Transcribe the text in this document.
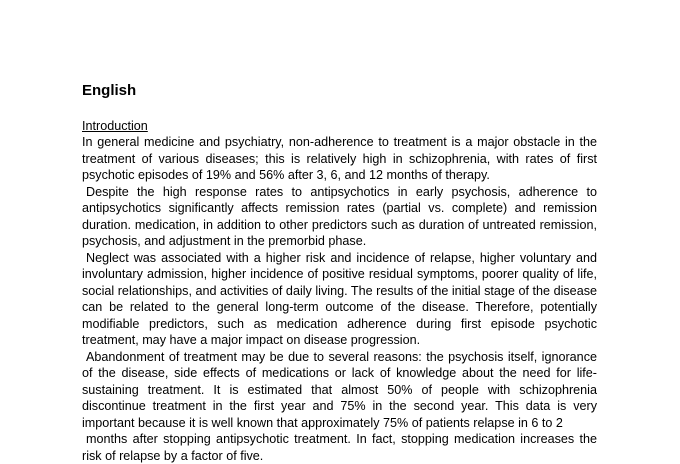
English
Introduction

In general medicine and psychiatry, non-adherence to treatment is a major obstacle in the treatment of various diseases; this is relatively high in schizophrenia, with rates of first psychotic episodes of 19% and 56% after 3, 6, and 12 months of therapy.

Despite the high response rates to antipsychotics in early psychosis, adherence to antipsychotics significantly affects remission rates (partial vs. complete) and remission duration. medication, in addition to other predictors such as duration of untreated remission, psychosis, and adjustment in the premorbid phase.

Neglect was associated with a higher risk and incidence of relapse, higher voluntary and involuntary admission, higher incidence of positive residual symptoms, poorer quality of life, social relationships, and activities of daily living. The results of the initial stage of the disease can be related to the general long-term outcome of the disease. Therefore, potentially modifiable predictors, such as medication adherence during first episode psychotic treatment, may have a major impact on disease progression.

Abandonment of treatment may be due to several reasons: the psychosis itself, ignorance of the disease, side effects of medications or lack of knowledge about the need for life-sustaining treatment. It is estimated that almost 50% of people with schizophrenia discontinue treatment in the first year and 75% in the second year. This data is very important because it is well known that approximately 75% of patients relapse in 6 to 2

months after stopping antipsychotic treatment. In fact, stopping medication increases the risk of relapse by a factor of five.
